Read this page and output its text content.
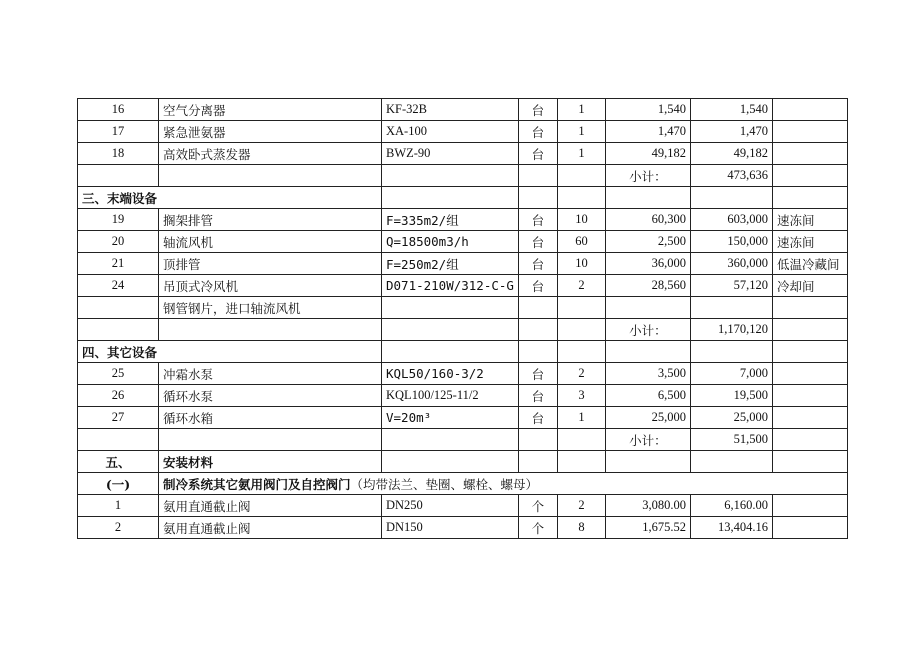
16	空气分离器	KF-32B	台	1	1,540	1,540	
17	紧急泄氨器	XA-100	台	1	1,470	1,470	
18	高效卧式蒸发器	BWZ-90	台	1	49,182	49,182	
					小计：	473,636	
三、末端设备							
19	搁架排管	F=335m2/组	台	10	60,300	603,000	速冻间
20	轴流风机	Q=18500m3/h	台	60	2,500	150,000	速冻间
21	顶排管	F=250m2/组	台	10	36,000	360,000	低温冷藏间
24	吊顶式冷风机	D071-210W/312-C-G	台	2	28,560	57,120	冷却间
	钢管钢片，进口轴流风机						
					小计：	1,170,120	
四、其它设备							
25	冲霜水泵	KQL50/160-3/2	台	2	3,500	7,000	
26	循环水泵	KQL100/125-11/2	台	3	6,500	19,500	
27	循环水箱	V=20m³	台	1	25,000	25,000	
					小计：	51,500	
五、	安装材料						
(一)	制冷系统其它氨用阀门及自控阀门（均带法兰、垫圈、螺栓、螺母）						
1	氨用直通截止阀	DN250	个	2	3,080.00	6,160.00	
2	氨用直通截止阀	DN150	个	8	1,675.52	13,404.16	
